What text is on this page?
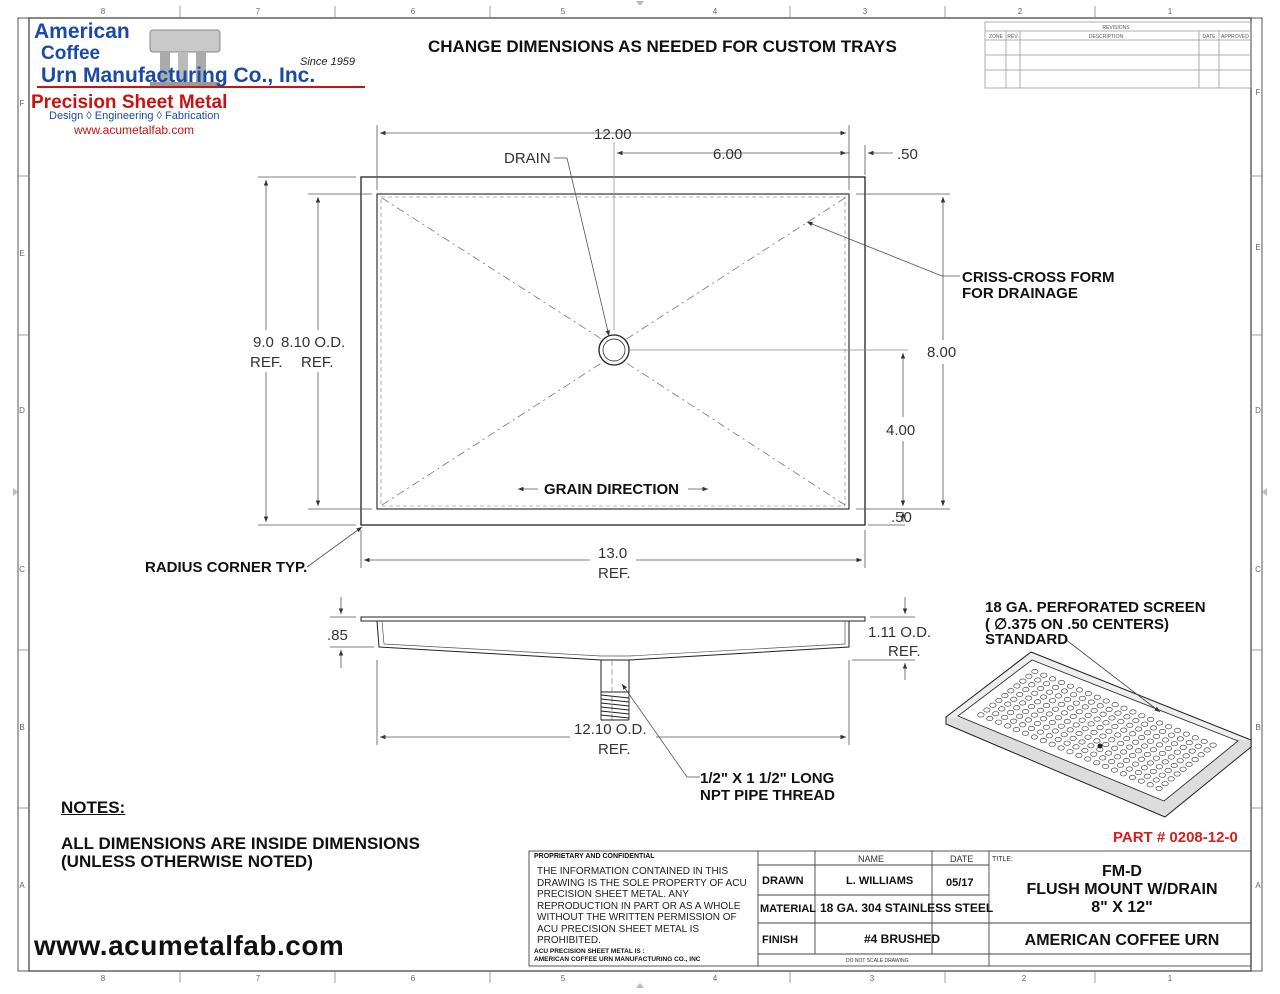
8	7	6	5	4	3	2	1
8	7	6	5	4	3	2	1
F
E
D
C
B
A
F
E
D
C
B
A
REVISIONS
ZONE REV.	DESCRIPTION	DATE APPROVED
12.00
6.00	.50
DRAIN
8.00
4.00
.50
9.0
REF.
8.10 O.D.
REF.
13.0
REF.
CRISS-CROSS FORM
FOR DRAINAGE
GRAIN DIRECTION
RADIUS CORNER TYP.
.85	1.11 O.D.
REF.
12.10 O.D.
REF.
1/2" X 1 1/2" LONG
NPT PIPE THREAD
18 GA. PERFORATED SCREEN
( ∅.375 ON .50 CENTERS)
STANDARD
NAME	DATE	TITLE:
DO NOT SCALE DRAWING
DRAWN	L. WILLIAMS	05/17
MATERIAL 18 GA. 304 STAINLESS STEEL
FINISH	#4 BRUSHED
FM-D
FLUSH MOUNT W/DRAIN
8" X 12"
AMERICAN COFFEE URN
American
Coffee
Urn Manufacturing Co., Inc.
Since 1959
Precision Sheet Metal
Design ◊ Engineering ◊ Fabrication
www.acumetalfab.com
CHANGE DIMENSIONS AS NEEDED FOR CUSTOM TRAYS
NOTES:
ALL DIMENSIONS ARE INSIDE DIMENSIONS
(UNLESS OTHERWISE NOTED)
PART # 0208-12-0
PROPRIETARY AND CONFIDENTIAL
THE INFORMATION CONTAINED IN THIS DRAWING IS THE SOLE PROPERTY OF ACU PRECISION SHEET METAL. ANY REPRODUCTION IN PART OR AS A WHOLE WITHOUT THE WRITTEN PERMISSION OF ACU PRECISION SHEET METAL IS PROHIBITED.
ACU PRECISION SHEET METAL IS :
AMERICAN COFFEE URN MANUFACTURING CO., INC
www.acumetalfab.com
